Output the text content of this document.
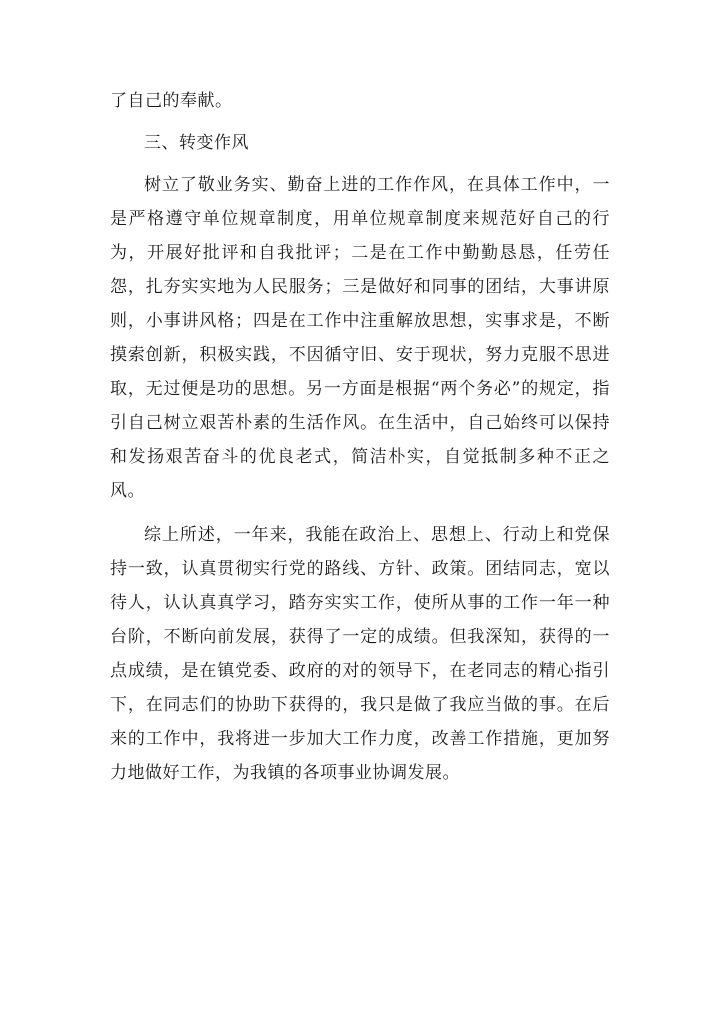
了自己的奉献。

三、转变作风

树立了敬业务实、勤奋上进的工作作风，在具体工作中，一是严格遵守单位规章制度，用单位规章制度来规范好自己的行为，开展好批评和自我批评；二是在工作中勤勤恳恳，任劳任怨，扎夯实实地为人民服务；三是做好和同事的团结，大事讲原则，小事讲风格；四是在工作中注重解放思想，实事求是，不断摸索创新，积极实践，不因循守旧、安于现状，努力克服不思进取，无过便是功的思想。另一方面是根据“两个务必”的规定，指引自己树立艰苦朴素的生活作风。在生活中，自己始终可以保持和发扬艰苦奋斗的优良老式，简洁朴实，自觉抵制多种不正之风。

综上所述，一年来，我能在政治上、思想上、行动上和党保持一致，认真贯彻实行党的路线、方针、政策。团结同志，宽以待人，认认真真学习，踏夯实实工作，使所从事的工作一年一种台阶，不断向前发展，获得了一定的成绩。但我深知，获得的一点成绩，是在镇党委、政府的对的领导下，在老同志的精心指引下，在同志们的协助下获得的，我只是做了我应当做的事。在后来的工作中，我将进一步加大工作力度，改善工作措施，更加努力地做好工作，为我镇的各项事业协调发展。
